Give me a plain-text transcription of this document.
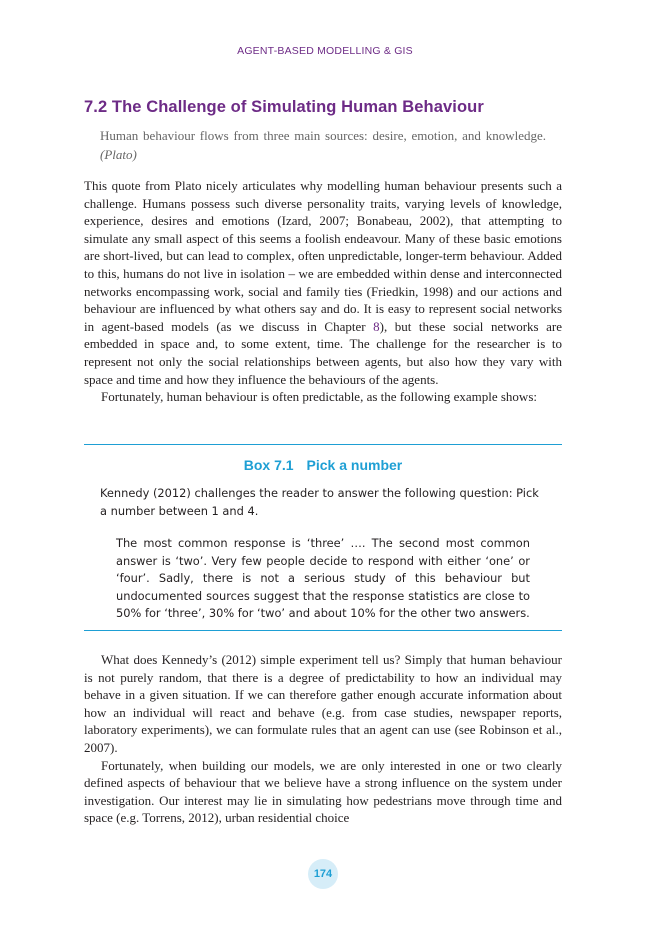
AGENT-BASED MODELLING & GIS
7.2 The Challenge of Simulating Human Behaviour

Human behaviour flows from three main sources: desire, emotion, and knowledge. (Plato)

This quote from Plato nicely articulates why modelling human behaviour presents such a challenge. Humans possess such diverse personality traits, varying levels of knowledge, experience, desires and emotions (Izard, 2007; Bonabeau, 2002), that attempting to simulate any small aspect of this seems a foolish endeavour. Many of these basic emotions are short-lived, but can lead to complex, often unpredictable, longer-term behaviour. Added to this, humans do not live in isolation – we are embedded within dense and interconnected networks encompassing work, social and family ties (Friedkin, 1998) and our actions and behaviour are influenced by what others say and do. It is easy to represent social networks in agent-based models (as we discuss in Chapter 8), but these social networks are embedded in space and, to some extent, time. The challenge for the researcher is to represent not only the social relationships between agents, but also how they vary with space and time and how they influence the behaviours of the agents.

Fortunately, human behaviour is often predictable, as the following example shows:

Box 7.1 Pick a number

Kennedy (2012) challenges the reader to answer the following question: Pick a number between 1 and 4.

The most common response is ‘three’ …. The second most common answer is ‘two’. Very few people decide to respond with either ‘one’ or ‘four’. Sadly, there is not a serious study of this behaviour but undocumented sources suggest that the response statistics are close to 50% for ‘three’, 30% for ‘two’ and about 10% for the other two answers.

What does Kennedy’s (2012) simple experiment tell us? Simply that human behaviour is not purely random, that there is a degree of predictability to how an individual may behave in a given situation. If we can therefore gather enough accurate information about how an individual will react and behave (e.g. from case studies, newspaper reports, laboratory experiments), we can formulate rules that an agent can use (see Robinson et al., 2007).

Fortunately, when building our models, we are only interested in one or two clearly defined aspects of behaviour that we believe have a strong influence on the system under investigation. Our interest may lie in simulating how pedestrians move through time and space (e.g. Torrens, 2012), urban residential choice

174
